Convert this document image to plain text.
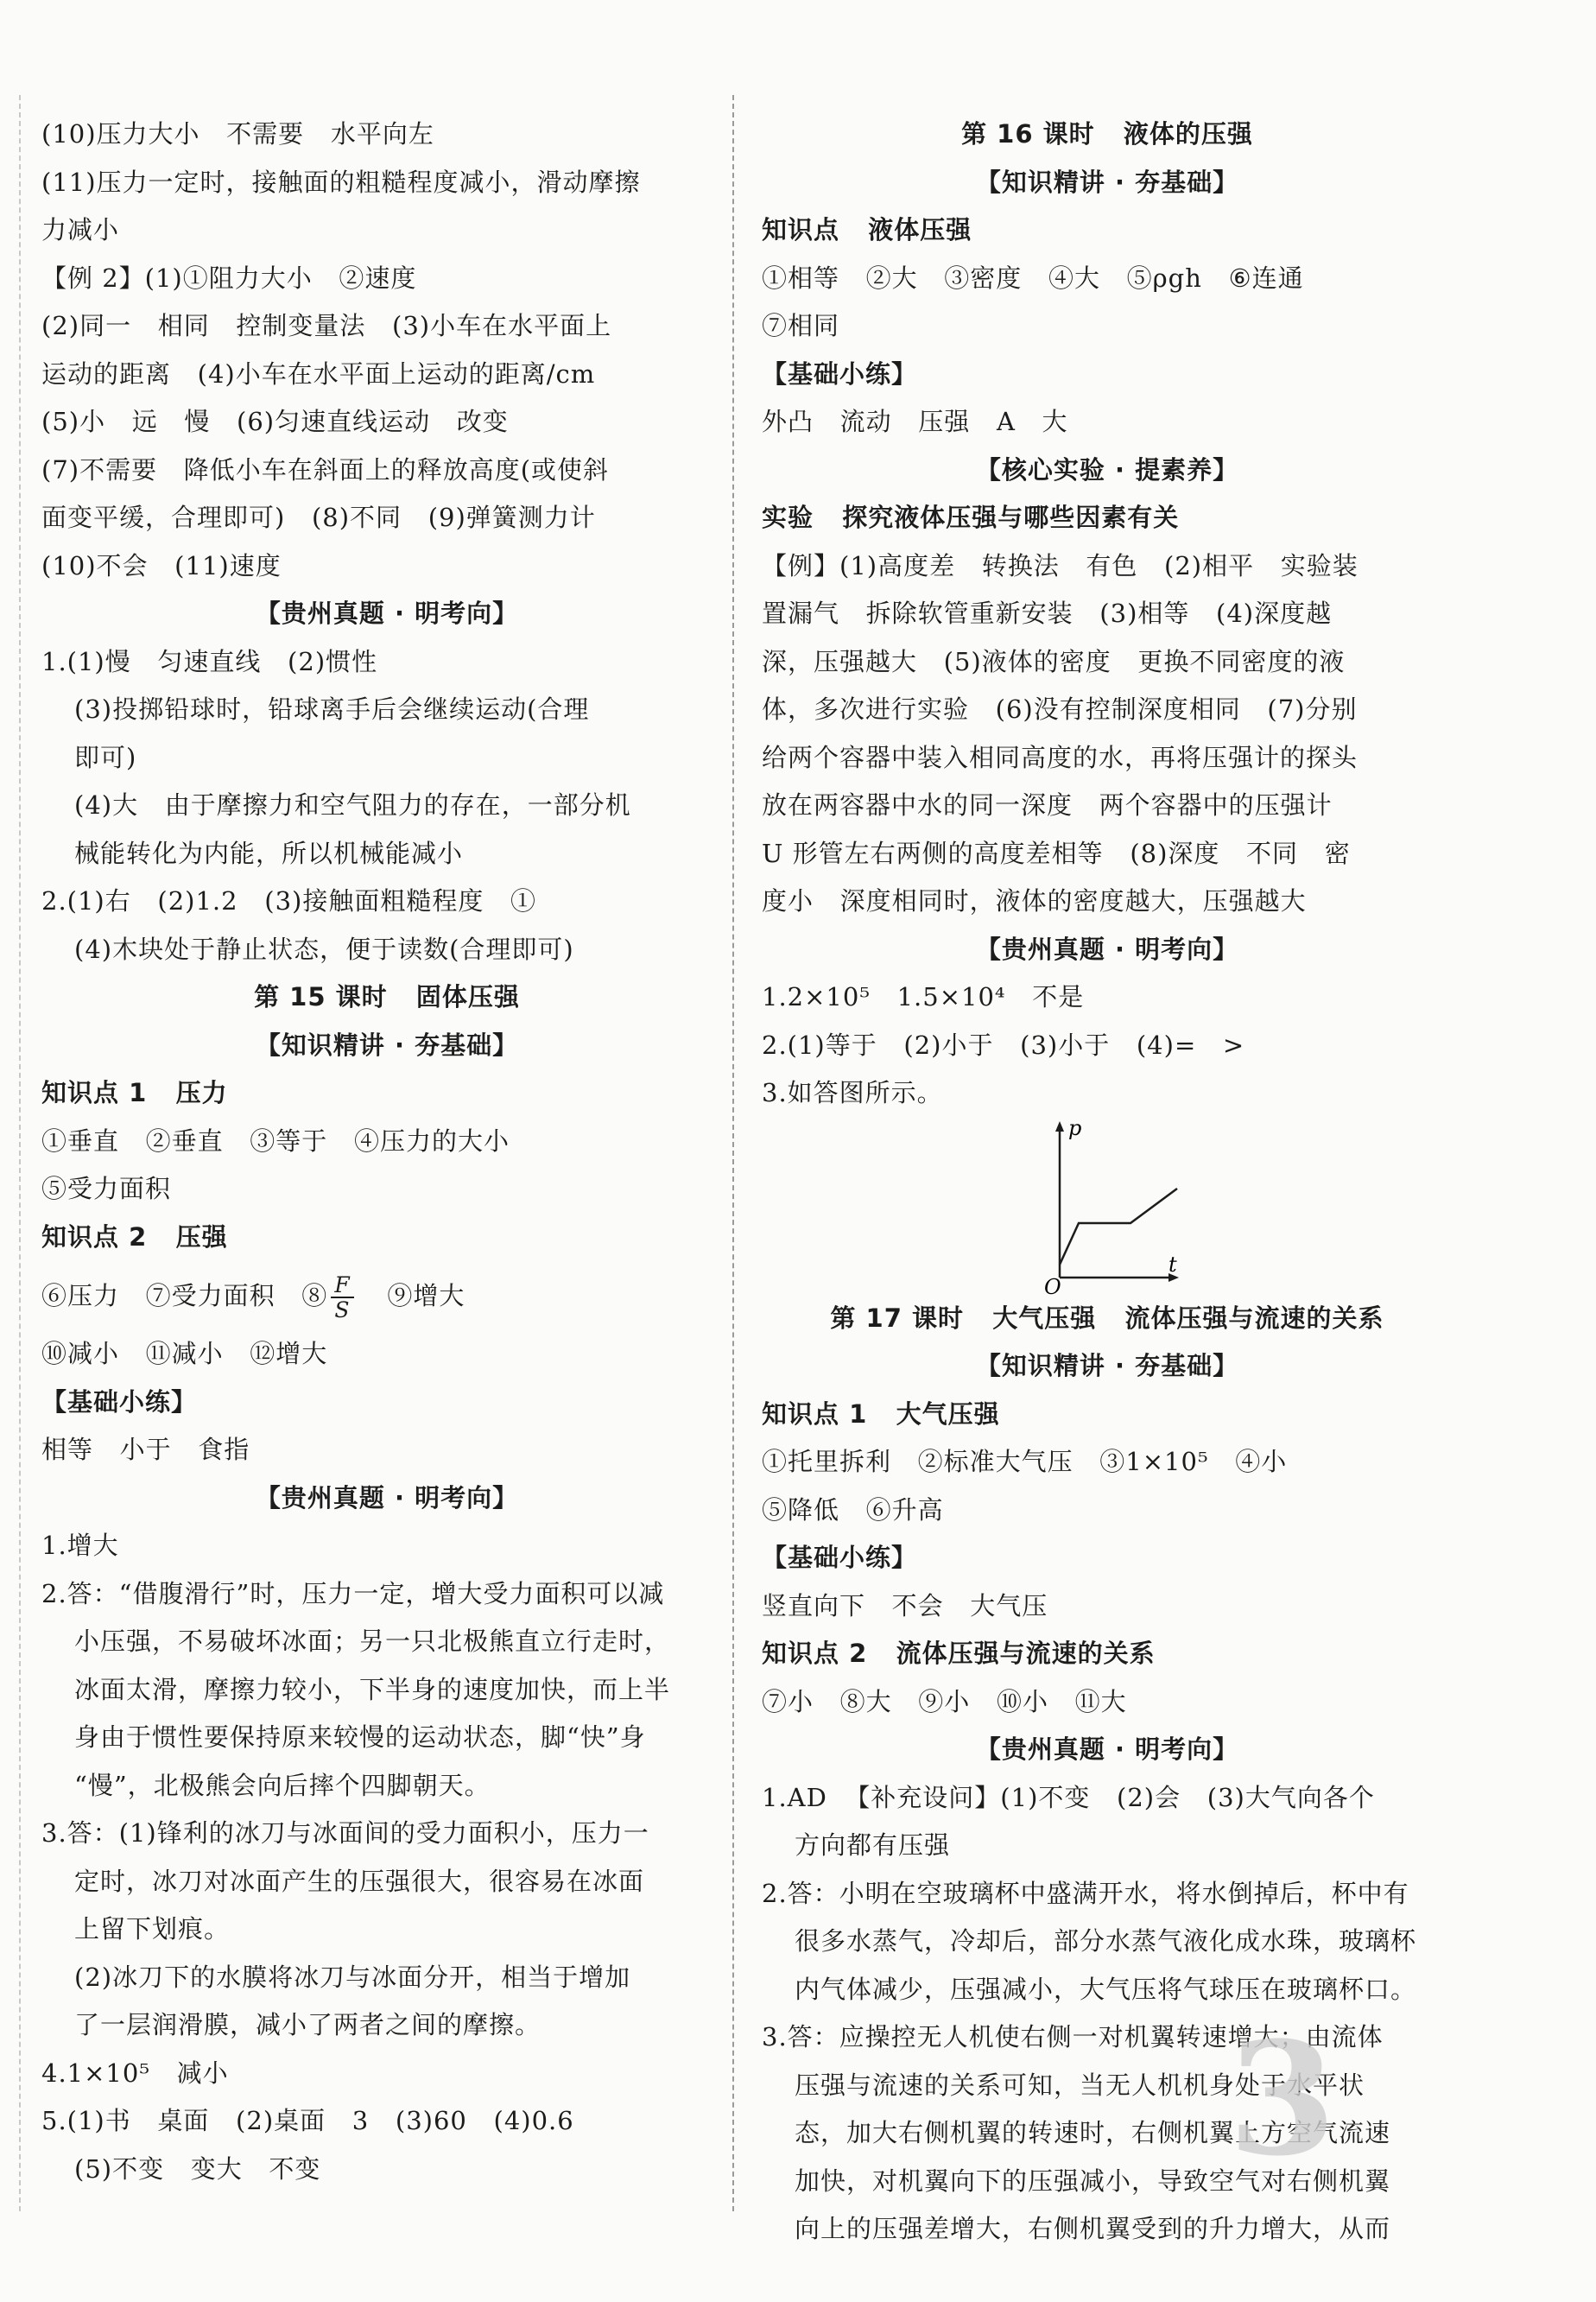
(10)压力大小   不需要   水平向左
(11)压力一定时，接触面的粗糙程度减小，滑动摩擦
力减小
【例 2】(1)①阻力大小   ②速度
(2)同一   相同   控制变量法   (3)小车在水平面上
运动的距离   (4)小车在水平面上运动的距离/cm
(5)小   远   慢   (6)匀速直线运动   改变
(7)不需要   降低小车在斜面上的释放高度(或使斜
面变平缓，合理即可)   (8)不同   (9)弹簧测力计
(10)不会   (11)速度
【贵州真题 · 明考向】
1.(1)慢   匀速直线   (2)惯性
(3)投掷铅球时，铅球离手后会继续运动(合理
即可)
(4)大   由于摩擦力和空气阻力的存在，一部分机
械能转化为内能，所以机械能减小
2.(1)右   (2)1.2   (3)接触面粗糙程度   ①
(4)木块处于静止状态，便于读数(合理即可)
第 15 课时   固体压强
【知识精讲 · 夯基础】
知识点 1   压力
①垂直   ②垂直   ③等于   ④压力的大小
⑤受力面积
知识点 2   压强
⑥压力   ⑦受力面积   ⑧ $\frac{F}{S}$ ⑨增大
⑩减小   ⑪减小   ⑫增大
【基础小练】
相等   小于   食指
【贵州真题 · 明考向】
1.增大
2.答：“借腹滑行”时，压力一定，增大受力面积可以减
小压强，不易破坏冰面；另一只北极熊直立行走时，
冰面太滑，摩擦力较小，下半身的速度加快，而上半
身由于惯性要保持原来较慢的运动状态，脚“快”身
“慢”，北极熊会向后摔个四脚朝天。
3.答：(1)锋利的冰刀与冰面间的受力面积小，压力一
定时，冰刀对冰面产生的压强很大，很容易在冰面
上留下划痕。
(2)冰刀下的水膜将冰刀与冰面分开，相当于增加
了一层润滑膜，减小了两者之间的摩擦。
4.1×10⁵   减小
5.(1)书   桌面   (2)桌面   3   (3)60   (4)0.6
(5)不变   变大   不变
第 16 课时   液体的压强
【知识精讲 · 夯基础】
知识点   液体压强
①相等   ②大   ③密度   ④大   ⑤ρgh   ⑥连通
⑦相同
【基础小练】
外凸   流动   压强   A   大
【核心实验 · 提素养】
实验   探究液体压强与哪些因素有关
【例】(1)高度差   转换法   有色   (2)相平   实验装
置漏气   拆除软管重新安装   (3)相等   (4)深度越
深，压强越大   (5)液体的密度   更换不同密度的液
体，多次进行实验   (6)没有控制深度相同   (7)分别
给两个容器中装入相同高度的水，再将压强计的探头
放在两容器中水的同一深度   两个容器中的压强计
U 形管左右两侧的高度差相等   (8)深度   不同   密
度小   深度相同时，液体的密度越大，压强越大
【贵州真题 · 明考向】
1.2×10⁵   1.5×10⁴   不是
2.(1)等于   (2)小于   (3)小于   (4)=   >
3.如答图所示。
p
t
O
第 17 课时   大气压强   流体压强与流速的关系
【知识精讲 · 夯基础】
知识点 1   大气压强
①托里拆利   ②标准大气压   ③1×10⁵   ④小
⑤降低   ⑥升高
【基础小练】
竖直向下   不会   大气压
知识点 2   流体压强与流速的关系
⑦小   ⑧大   ⑨小   ⑩小   ⑪大
【贵州真题 · 明考向】
1.AD  【补充设问】(1)不变   (2)会   (3)大气向各个
方向都有压强
2.答：小明在空玻璃杯中盛满开水，将水倒掉后，杯中有
很多水蒸气，冷却后，部分水蒸气液化成水珠，玻璃杯
内气体减少，压强减小，大气压将气球压在玻璃杯口。
3.答：应操控无人机使右侧一对机翼转速增大；由流体
压强与流速的关系可知，当无人机机身处于水平状
态，加大右侧机翼的转速时，右侧机翼上方空气流速
加快，对机翼向下的压强减小，导致空气对右侧机翼
向上的压强差增大，右侧机翼受到的升力增大，从而
3
